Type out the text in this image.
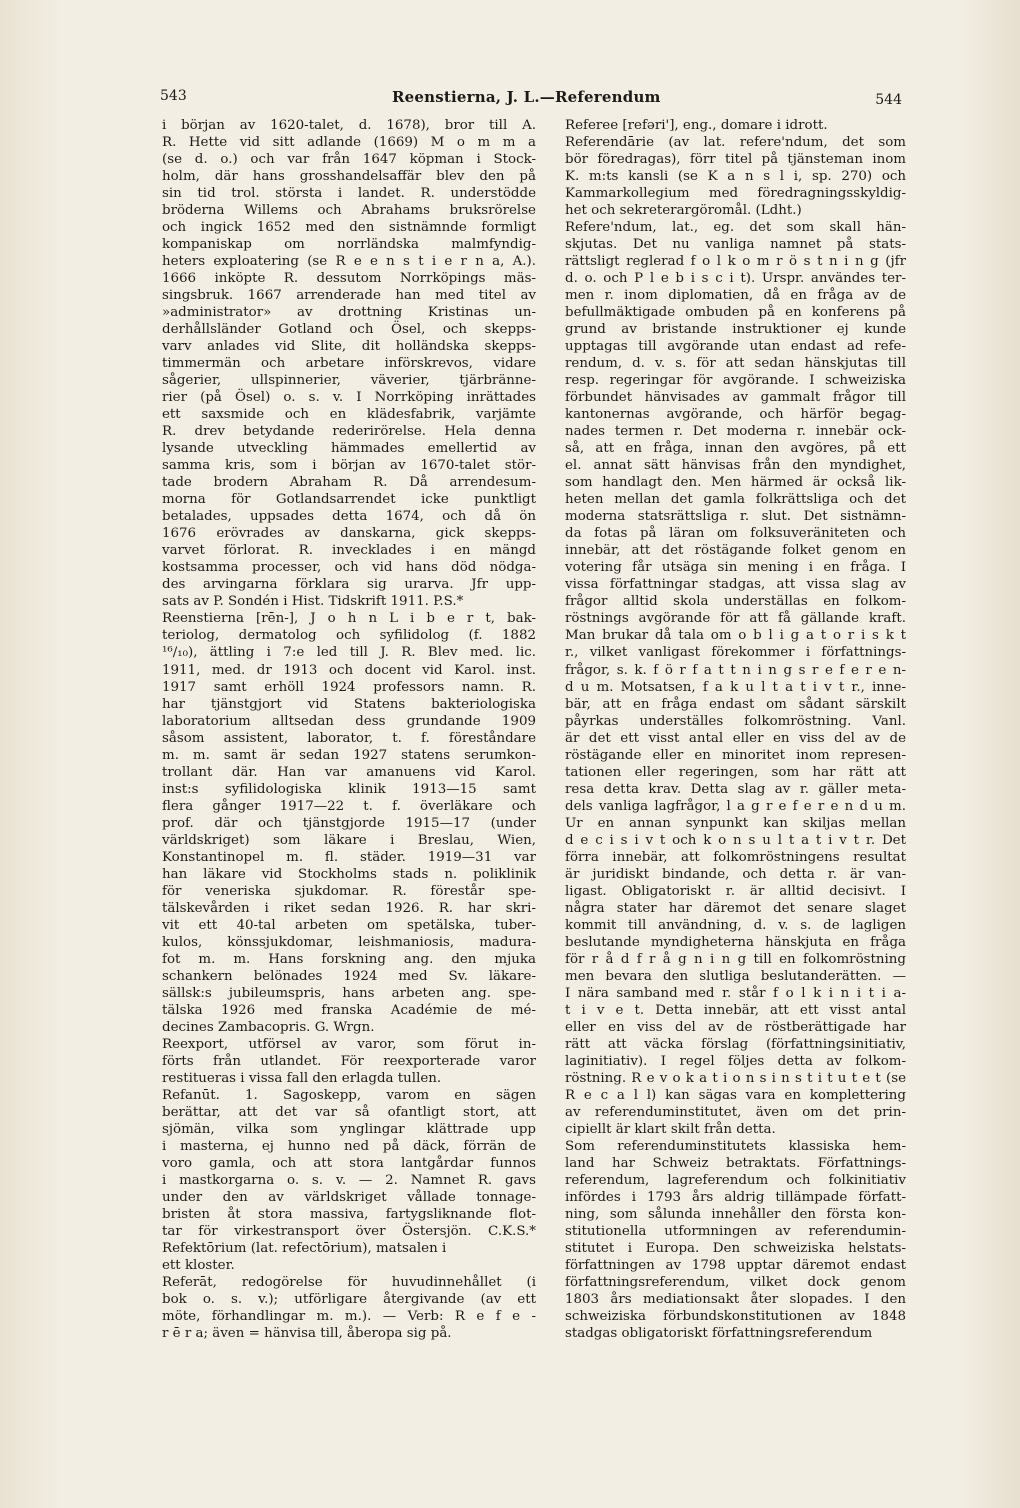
543	Reenstierna, J. L.—Referendum	544
i början av 1620-talet, d. 1678), bror till A.
R. Hette vid sitt adlande (1669) M o m m a
(se d. o.) och var från 1647 köpman i Stock-
holm, där hans grosshandelsaffär blev den på
sin tid trol. största i landet. R. understödde
bröderna Willems och Abrahams bruksrörelse
och ingick 1652 med den sistnämnde formligt
kompaniskap om norrländska malmfyndig-
heters exploatering (se R e e n s t i e r n a, A.).
1666 inköpte R. dessutom Norrköpings mäs-
singsbruk. 1667 arrenderade han med titel av
»administrator» av drottning Kristinas un-
derhållsländer Gotland och Ösel, och skepps-
varv anlades vid Slite, dit holländska skepps-
timmermän och arbetare införskrevos, vidare
sågerier, ullspinnerier, väverier, tjärbränne-
rier (på Ösel) o. s. v. I Norrköping inrättades
ett saxsmide och en klädesfabrik, varjämte
R. drev betydande rederirörelse. Hela denna
lysande utveckling hämmades emellertid av
samma kris, som i början av 1670-talet stör-
tade brodern Abraham R. Då arrendesum-
morna för Gotlandsarrendet icke punktligt
betalades, uppsades detta 1674, och då ön
1676 erövrades av danskarna, gick skepps-
varvet förlorat. R. invecklades i en mängd
kostsamma processer, och vid hans död nödga-
des arvingarna förklara sig urarva. Jfr upp-
sats av P. Sondén i Hist. Tidskrift 1911. P.S.*
Reenstierna [rēn-], J o h n L i b e r t, bak-
teriolog, dermatolog och syfilidolog (f. 1882
¹⁶/₁₀), ättling i 7:e led till J. R. Blev med. lic.
1911, med. dr 1913 och docent vid Karol. inst.
1917 samt erhöll 1924 professors namn. R.
har tjänstgjort vid Statens bakteriologiska
laboratorium alltsedan dess grundande 1909
såsom assistent, laborator, t. f. föreståndare
m. m. samt är sedan 1927 statens serumkon-
trollant där. Han var amanuens vid Karol.
inst:s syfilidologiska klinik 1913—15 samt
flera gånger 1917—22 t. f. överläkare och
prof. där och tjänstgjorde 1915—17 (under
världskriget) som läkare i Breslau, Wien,
Konstantinopel m. fl. städer. 1919—31 var
han läkare vid Stockholms stads n. poliklinik
för veneriska sjukdomar. R. förestår spe-
tälskevården i riket sedan 1926. R. har skri-
vit ett 40-tal arbeten om spetälska, tuber-
kulos, könssjukdomar, leishmaniosis, madura-
fot m. m. Hans forskning ang. den mjuka
schankern belönades 1924 med Sv. läkare-
sällsk:s jubileumspris, hans arbeten ang. spe-
tälska 1926 med franska Académie de mé-
decines Zambacopris. G. Wrgn.
Reexport, utförsel av varor, som förut in-
förts från utlandet. För reexporterade varor
restitueras i vissa fall den erlagda tullen.
Refanūt. 1. Sagoskepp, varom en sägen
berättar, att det var så ofantligt stort, att
sjömän, vilka som ynglingar klättrade upp
i masterna, ej hunno ned på däck, förrän de
voro gamla, och att stora lantgårdar funnos
i mastkorgarna o. s. v. — 2. Namnet R. gavs
under den av världskriget vållade tonnage-
bristen åt stora massiva, fartygsliknande flot-
tar för virkestransport över Östersjön. C.K.S.*
Refektōrium (lat. refectōrium), matsalen i
ett kloster.
Referāt, redogörelse för huvudinnehållet (i
bok o. s. v.); utförligare återgivande (av ett
möte, förhandlingar m. m.). — Verb: R e f e -
r ē r a; även = hänvisa till, åberopa sig på.
Referee [refəri'], eng., domare i idrott.
Referendārie (av lat. refere'ndum, det som
bör föredragas), förr titel på tjänsteman inom
K. m:ts kansli (se K a n s l i, sp. 270) och
Kammarkollegium med föredragningsskyldig-
het och sekreterargöromål. (Ldht.)
Refere'ndum, lat., eg. det som skall hän-
skjutas. Det nu vanliga namnet på stats-
rättsligt reglerad f o l k o m r ö s t n i n g (jfr
d. o. och P l e b i s c i t). Urspr. användes ter-
men r. inom diplomatien, då en fråga av de
befullmäktigade ombuden på en konferens på
grund av bristande instruktioner ej kunde
upptagas till avgörande utan endast ad refe-
rendum, d. v. s. för att sedan hänskjutas till
resp. regeringar för avgörande. I schweiziska
förbundet hänvisades av gammalt frågor till
kantonernas avgörande, och härför begag-
nades termen r. Det moderna r. innebär ock-
så, att en fråga, innan den avgöres, på ett
el. annat sätt hänvisas från den myndighet,
som handlagt den. Men härmed är också lik-
heten mellan det gamla folkrättsliga och det
moderna statsrättsliga r. slut. Det sistnämn-
da fotas på läran om folksuveräniteten och
innebär, att det röstägande folket genom en
votering får utsäga sin mening i en fråga. I
vissa författningar stadgas, att vissa slag av
frågor alltid skola underställas en folkom-
röstnings avgörande för att få gällande kraft.
Man brukar då tala om o b l i g a t o r i s k t
r., vilket vanligast förekommer i författnings-
frågor, s. k. f ö r f a t t n i n g s r e f e r e n-
d u m. Motsatsen, f a k u l t a t i v t r., inne-
bär, att en fråga endast om sådant särskilt
påyrkas underställes folkomröstning. Vanl.
är det ett visst antal eller en viss del av de
röstägande eller en minoritet inom represen-
tationen eller regeringen, som har rätt att
resa detta krav. Detta slag av r. gäller meta-
dels vanliga lagfrågor, l a g r e f e r e n d u m.
Ur en annan synpunkt kan skiljas mellan
d e c i s i v t och k o n s u l t a t i v t r. Det
förra innebär, att folkomröstningens resultat
är juridiskt bindande, och detta r. är van-
ligast. Obligatoriskt r. är alltid decisivt. I
några stater har däremot det senare slaget
kommit till användning, d. v. s. de lagligen
beslutande myndigheterna hänskjuta en fråga
för r å d f r å g n i n g till en folkomröstning
men bevara den slutliga beslutanderätten. —
I nära samband med r. står f o l k i n i t i a-
t i v e t. Detta innebär, att ett visst antal
eller en viss del av de röstberättigade har
rätt att väcka förslag (författningsinitiativ,
laginitiativ). I regel följes detta av folkom-
röstning. R e v o k a t i o n s i n s t i t u t e t (se
R e c a l l) kan sägas vara en komplettering
av referenduminstitutet, även om det prin-
cipiellt är klart skilt från detta.
Som referenduminstitutets klassiska hem-
land har Schweiz betraktats. Författnings-
referendum, lagreferendum och folkinitiativ
infördes i 1793 års aldrig tillämpade författ-
ning, som sålunda innehåller den första kon-
stitutionella utformningen av referendumin-
stitutet i Europa. Den schweiziska helstats-
författningen av 1798 upptar däremot endast
författningsreferendum, vilket dock genom
1803 års mediationsakt åter slopades. I den
schweiziska förbundskonstitutionen av 1848
stadgas obligatoriskt författningsreferendum
